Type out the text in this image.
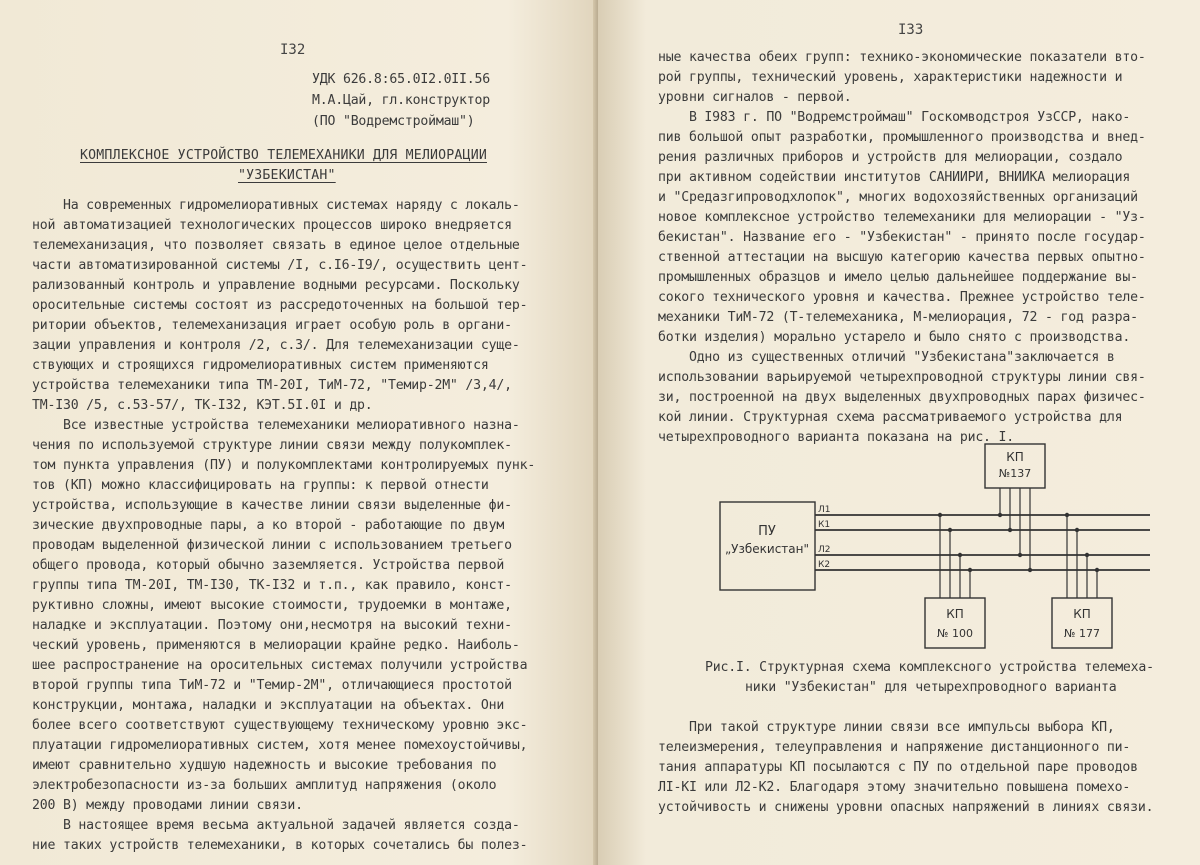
I32
УДК 626.8:65.0I2.0II.56
М.А.Цай, гл.конструктор
(ПО "Водремстроймаш")
КОМПЛЕКСНОЕ УСТРОЙСТВО ТЕЛЕМЕХАНИКИ ДЛЯ МЕЛИОРАЦИИ
"УЗБЕКИСТАН"
На современных гидромелиоративных системах наряду с локаль-
ной автоматизацией технологических процессов широко внедряется
телемеханизация, что позволяет связать в единое целое отдельные
части автоматизированной системы /I, с.I6-I9/, осуществить цент-
рализованный контроль и управление водными ресурсами. Поскольку
оросительные системы состоят из рассредоточенных на большой тер-
ритории объектов, телемеханизация играет особую роль в органи-
зации управления и контроля /2, с.3/. Для телемеханизации суще-
ствующих и строящихся гидромелиоративных систем применяются
устройства телемеханики типа ТМ-20I, ТиМ-72, "Темир-2М" /3,4/,
ТМ-I30 /5, с.53-57/, ТК-I32, КЭТ.5I.0I и др.
Все известные устройства телемеханики мелиоративного назна-
чения по используемой структуре линии связи между полукомплек-
том пункта управления (ПУ) и полукомплектами контролируемых пунк-
тов (КП) можно классифицировать на группы: к первой отнести
устройства, использующие в качестве линии связи выделенные фи-
зические двухпроводные пары, а ко второй - работающие по двум
проводам выделенной физической линии с использованием третьего
общего провода, который обычно заземляется. Устройства первой
группы типа ТМ-20I, ТМ-I30, ТК-I32 и т.п., как правило, конст-
руктивно сложны, имеют высокие стоимости, трудоемки в монтаже,
наладке и эксплуатации. Поэтому они,несмотря на высокий техни-
ческий уровень, применяются в мелиорации крайне редко. Наиболь-
шее распространение на оросительных системах получили устройства
второй группы типа ТиМ-72 и "Темир-2М", отличающиеся простотой
конструкции, монтажа, наладки и эксплуатации на объектах. Они
более всего соответствуют существующему техническому уровню экс-
плуатации гидромелиоративных систем, хотя менее помехоустойчивы,
имеют сравнительно худшую надежность и высокие требования по
электробезопасности из-за больших амплитуд напряжения (около
200 В) между проводами линии связи.
В настоящее время весьма актуальной задачей является созда-
ние таких устройств телемеханики, в которых сочетались бы полез-
I33
ные качества обеих групп: технико-экономические показатели вто-
рой группы, технический уровень, характеристики надежности и
уровни сигналов - первой.
В I983 г. ПО "Водремстроймаш" Госкомводстроя УзССР, нако-
пив большой опыт разработки, промышленного производства и внед-
рения различных приборов и устройств для мелиорации, создало
при активном содействии институтов САНИИРИ, ВНИИКА мелиорация
и "Средазгипроводхлопок", многих водохозяйственных организаций
новое комплексное устройство телемеханики для мелиорации - "Уз-
бекистан". Название его - "Узбекистан" - принято после государ-
ственной аттестации на высшую категорию качества первых опытно-
промышленных образцов и имело целью дальнейшее поддержание вы-
сокого технического уровня и качества. Прежнее устройство теле-
механики ТиМ-72 (Т-телемеханика, М-мелиорация, 72 - год разра-
ботки изделия) морально устарело и было снято с производства.
Одно из существенных отличий "Узбекистана"заключается в
использовании варьируемой четырехпроводной структуры линии свя-
зи, построенной на двух выделенных двухпроводных парах физичес-
кой линии. Структурная схема рассматриваемого устройства для
четырехпроводного варианта показана на рис. I.
ПУ
„Узбекистан"
Л1
К1
Л2
К2
КП
№137
КП
№ 100
КП
№ 177
Рис.I. Структурная схема комплексного устройства телемеха-
ники "Узбекистан" для четырехпроводного варианта
При такой структуре линии связи все импульсы выбора КП,
телеизмерения, телеуправления и напряжение дистанционного пи-
тания аппаратуры КП посылаются с ПУ по отдельной паре проводов
ЛI-КI или Л2-К2. Благодаря этому значительно повышена помехо-
устойчивость и снижены уровни опасных напряжений в линиях связи.
